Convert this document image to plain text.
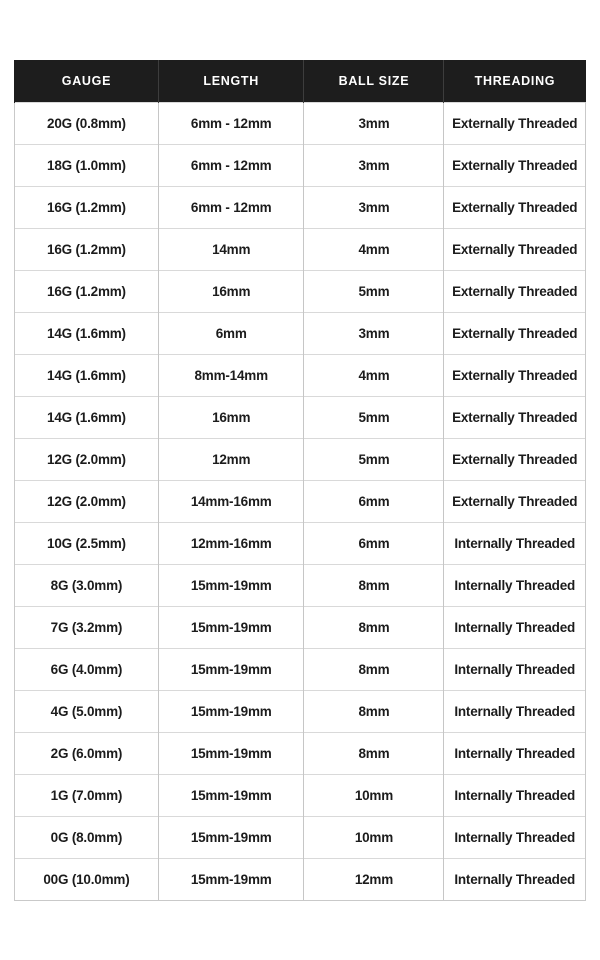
GAUGE	LENGTH	BALL SIZE	THREADING
20G (0.8mm)	6mm - 12mm	3mm	Externally Threaded
18G (1.0mm)	6mm - 12mm	3mm	Externally Threaded
16G (1.2mm)	6mm - 12mm	3mm	Externally Threaded
16G (1.2mm)	14mm	4mm	Externally Threaded
16G (1.2mm)	16mm	5mm	Externally Threaded
14G (1.6mm)	6mm	3mm	Externally Threaded
14G (1.6mm)	8mm-14mm	4mm	Externally Threaded
14G (1.6mm)	16mm	5mm	Externally Threaded
12G (2.0mm)	12mm	5mm	Externally Threaded
12G (2.0mm)	14mm-16mm	6mm	Externally Threaded
10G (2.5mm)	12mm-16mm	6mm	Internally Threaded
8G (3.0mm)	15mm-19mm	8mm	Internally Threaded
7G (3.2mm)	15mm-19mm	8mm	Internally Threaded
6G (4.0mm)	15mm-19mm	8mm	Internally Threaded
4G (5.0mm)	15mm-19mm	8mm	Internally Threaded
2G (6.0mm)	15mm-19mm	8mm	Internally Threaded
1G (7.0mm)	15mm-19mm	10mm	Internally Threaded
0G (8.0mm)	15mm-19mm	10mm	Internally Threaded
00G (10.0mm)	15mm-19mm	12mm	Internally Threaded
